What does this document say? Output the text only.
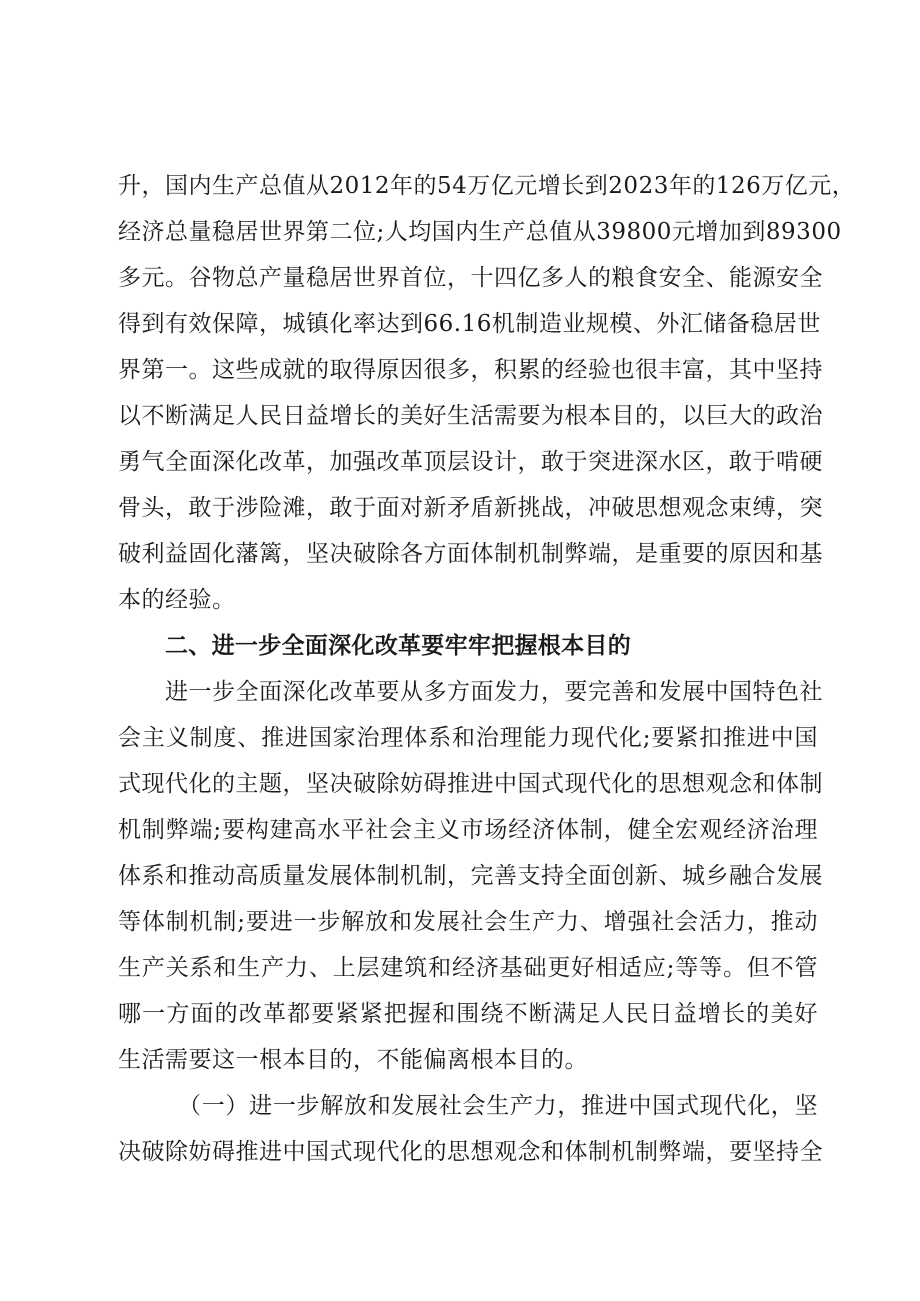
升，国内生产总值从2012年的54万亿元增长到2023年的126万亿元，
经济总量稳居世界第二位;人均国内生产总值从39800元增加到89300
多元。谷物总产量稳居世界首位，十四亿多人的粮食安全、能源安全
得到有效保障，城镇化率达到66.16机制造业规模、外汇储备稳居世
界第一。这些成就的取得原因很多，积累的经验也很丰富，其中坚持
以不断满足人民日益增长的美好生活需要为根本目的，以巨大的政治
勇气全面深化改革，加强改革顶层设计，敢于突进深水区，敢于啃硬
骨头，敢于涉险滩，敢于面对新矛盾新挑战，冲破思想观念束缚，突
破利益固化藩篱，坚决破除各方面体制机制弊端，是重要的原因和基
本的经验。
二、进一步全面深化改革要牢牢把握根本目的
进一步全面深化改革要从多方面发力，要完善和发展中国特色社
会主义制度、推进国家治理体系和治理能力现代化;要紧扣推进中国
式现代化的主题，坚决破除妨碍推进中国式现代化的思想观念和体制
机制弊端;要构建高水平社会主义市场经济体制，健全宏观经济治理
体系和推动高质量发展体制机制，完善支持全面创新、城乡融合发展
等体制机制;要进一步解放和发展社会生产力、增强社会活力，推动
生产关系和生产力、上层建筑和经济基础更好相适应;等等。但不管
哪一方面的改革都要紧紧把握和围绕不断满足人民日益增长的美好
生活需要这一根本目的，不能偏离根本目的。
（一）进一步解放和发展社会生产力，推进中国式现代化，坚
决破除妨碍推进中国式现代化的思想观念和体制机制弊端，要坚持全
